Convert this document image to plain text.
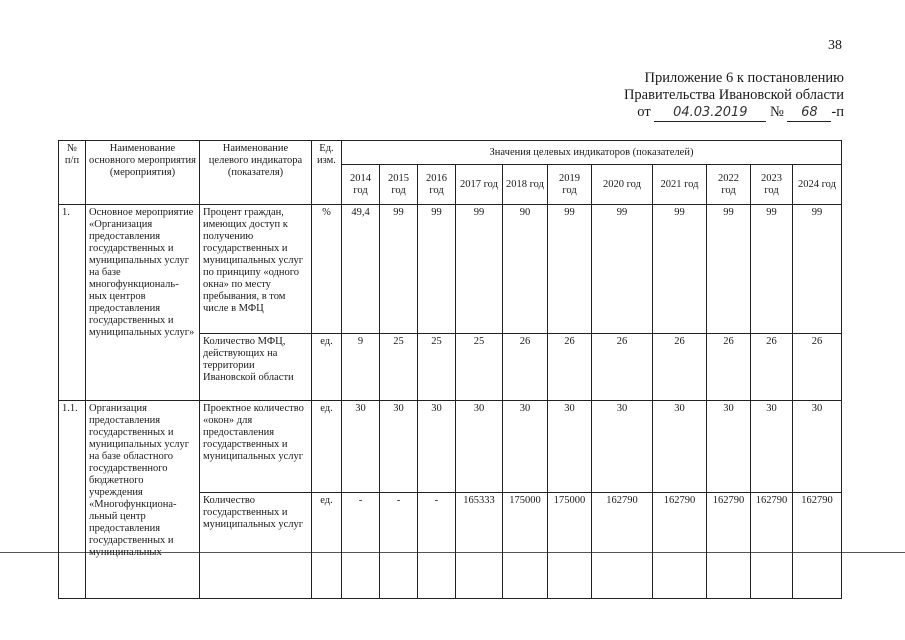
38
Приложение 6 к постановлению
Правительства Ивановской области
от 04.03.2019 № 68 -п
№ п/п	Наименование основного мероприятия (мероприятия)	Наименование целевого индикатора (показателя)	Ед. изм.	Значения целевых индикаторов (показателей)										
				2014 год	2015 год	2016 год	2017 год	2018 год	2019 год	2020 год	2021 год	2022 год	2023 год	2024 год
1.	Основное мероприятие «Организация предоставления государственных и муниципальных услуг на базе многофункциональ-ных центров предоставления государственных и муниципальных услуг»	Процент граждан, имеющих доступ к получению государственных и муниципальных услуг по принципу «одного окна» по месту пребывания, в том числе в МФЦ	%	49,4	99	99	99	90	99	99	99	99	99	99
		Количество МФЦ, действующих на территории Ивановской области	ед.	9	25	25	25	26	26	26	26	26	26	26
1.1.	Организация предоставления государственных и муниципальных услуг на базе областного государственного бюджетного учреждения «Многофункциона-льный центр предоставления государственных и муниципальных	Проектное количество «окон» для предоставления государственных и муниципальных услуг	ед.	30	30	30	30	30	30	30	30	30	30	30
		Количество государственных и муниципальных услуг	ед.	-	-	-	165333	175000	175000	162790	162790	162790	162790	162790
